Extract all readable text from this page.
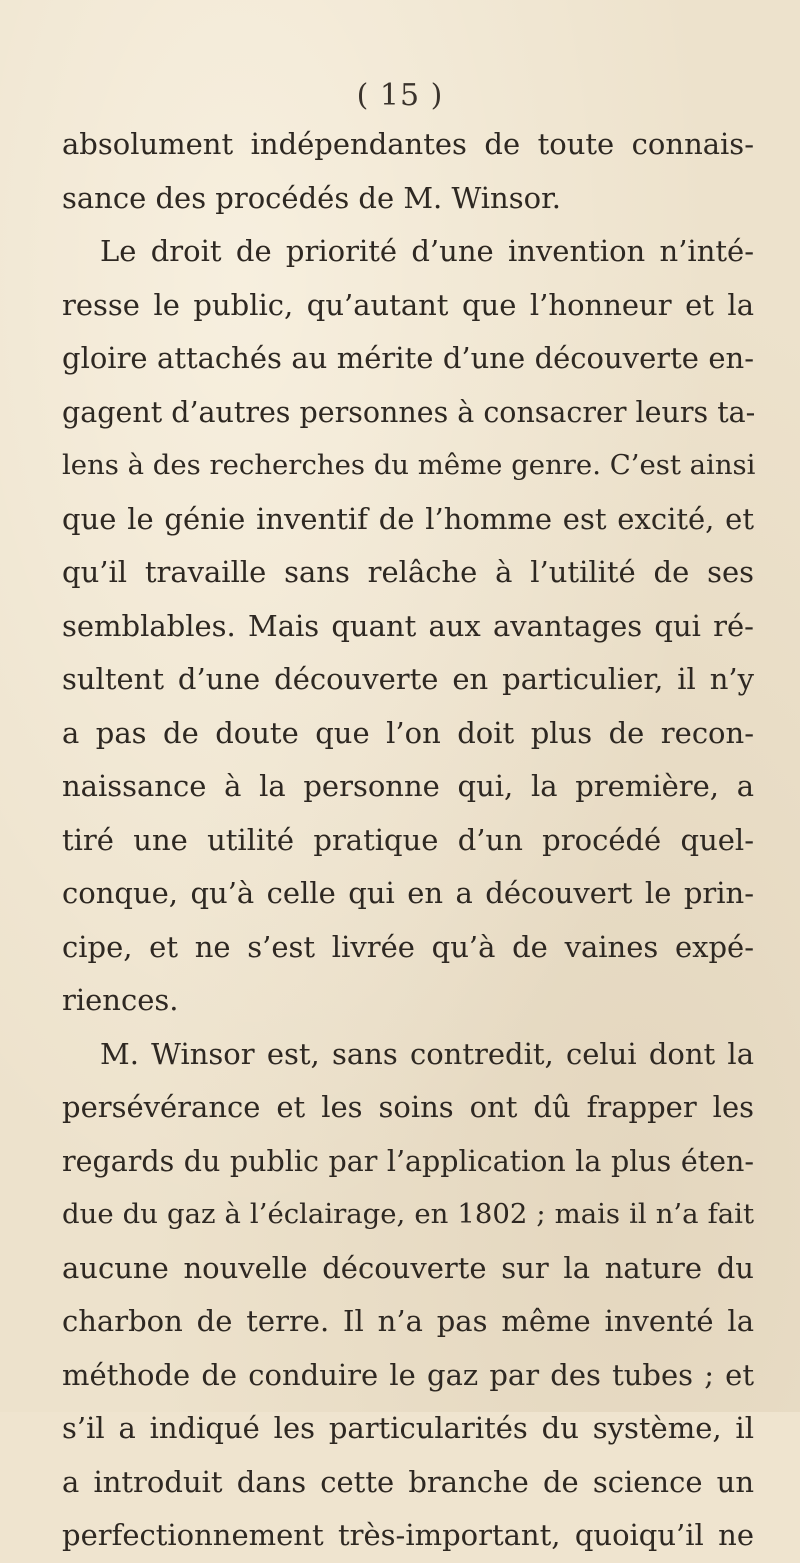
( 15 )
absolument indépendantes de toute connais-
sance des procédés de M. Winsor.
Le droit de priorité d’une invention n’inté-
resse le public, qu’autant que l’honneur et la
gloire attachés au mérite d’une découverte en-
gagent d’autres personnes à consacrer leurs ta-
lens à des recherches du même genre. C’est ainsi
que le génie inventif de l’homme est excité, et
qu’il travaille sans relâche à l’utilité de ses
semblables. Mais quant aux avantages qui ré-
sultent d’une découverte en particulier, il n’y
a pas de doute que l’on doit plus de recon-
naissance à la personne qui, la première, a
tiré une utilité pratique d’un procédé quel-
conque, qu’à celle qui en a découvert le prin-
cipe, et ne s’est livrée qu’à de vaines expé-
riences.
M. Winsor est, sans contredit, celui dont la
persévérance et les soins ont dû frapper les
regards du public par l’application la plus éten-
due du gaz à l’éclairage, en 1802 ; mais il n’a fait
aucune nouvelle découverte sur la nature du
charbon de terre. Il n’a pas même inventé la
méthode de conduire le gaz par des tubes ; et
s’il a indiqué les particularités du système, il
a introduit dans cette branche de science un
perfectionnement très-important, quoiqu’il ne
